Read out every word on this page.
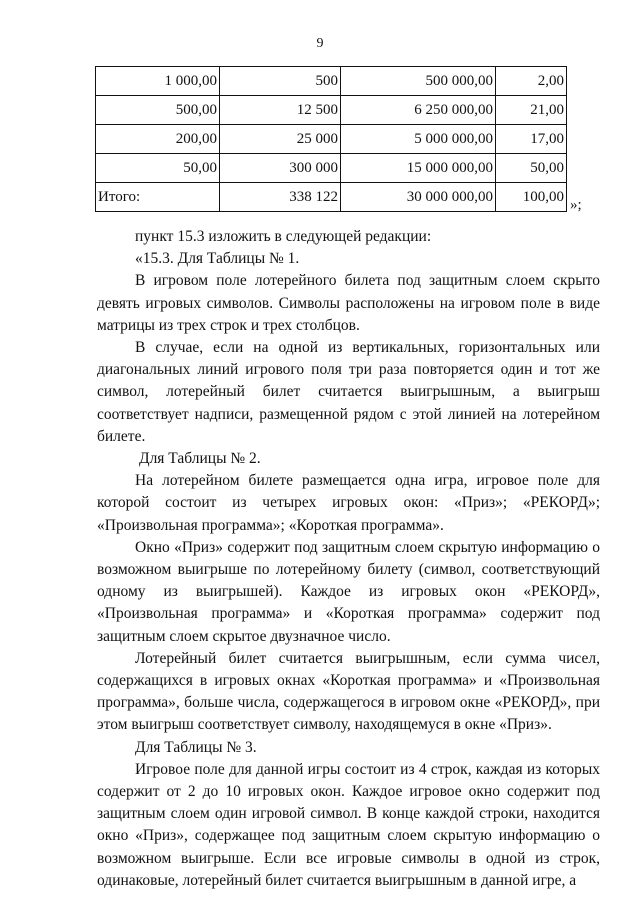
9
1 000,00	500	500 000,00	2,00
500,00	12 500	6 250 000,00	21,00
200,00	25 000	5 000 000,00	17,00
50,00	300 000	15 000 000,00	50,00
Итого:	338 122	30 000 000,00	100,00
»;

пункт 15.3 изложить в следующей редакции:

«15.3. Для Таблицы № 1.

В игровом поле лотерейного билета под защитным слоем скрыто девять игровых символов. Символы расположены на игровом поле в виде матрицы из трех строк и трех столбцов.

В случае, если на одной из вертикальных, горизонтальных или диагональных линий игрового поля три раза повторяется один и тот же символ, лотерейный билет считается выигрышным, а выигрыш соответствует надписи, размещенной рядом с этой линией на лотерейном билете.

Для Таблицы № 2.

На лотерейном билете размещается одна игра, игровое поле для которой состоит из четырех игровых окон: «Приз»; «РЕКОРД»; «Произвольная программа»; «Короткая программа».

Окно «Приз» содержит под защитным слоем скрытую информацию о возможном выигрыше по лотерейному билету (символ, соответствующий одному из выигрышей). Каждое из игровых окон «РЕКОРД», «Произвольная программа» и «Короткая программа» содержит под защитным слоем скрытое двузначное число.

Лотерейный билет считается выигрышным, если сумма чисел, содержащихся в игровых окнах «Короткая программа» и «Произвольная программа», больше числа, содержащегося в игровом окне «РЕКОРД», при этом выигрыш соответствует символу, находящемуся в окне «Приз».

Для Таблицы № 3.

Игровое поле для данной игры состоит из 4 строк, каждая из которых содержит от 2 до 10 игровых окон. Каждое игровое окно содержит под защитным слоем один игровой символ. В конце каждой строки, находится окно «Приз», содержащее под защитным слоем скрытую информацию о возможном выигрыше. Если все игровые символы в одной из строк, одинаковые, лотерейный билет считается выигрышным в данной игре, а
